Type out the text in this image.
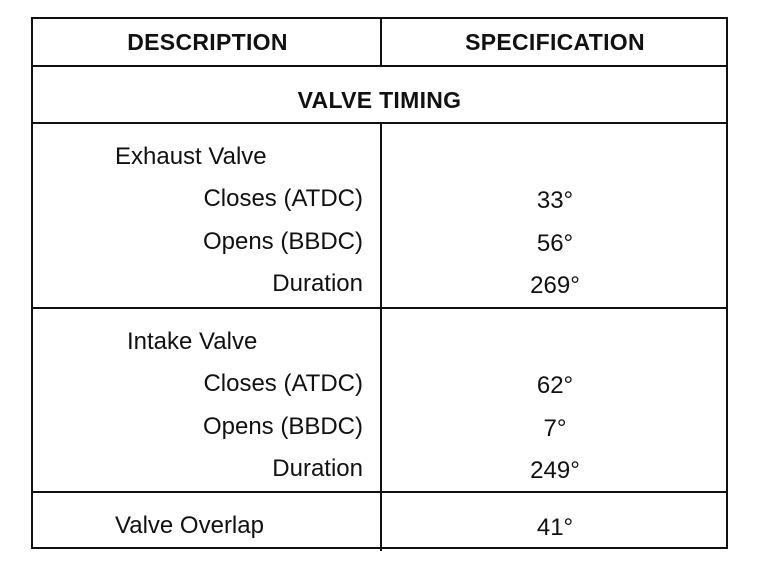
DESCRIPTION	SPECIFICATION
VALVE TIMING
Exhaust Valve
Closes (ATDC)	33°
Opens (BBDC)	56°
Duration	269°
Intake Valve
Closes (ATDC)	62°
Opens (BBDC)	7°
Duration	249°
Valve Overlap	41°
